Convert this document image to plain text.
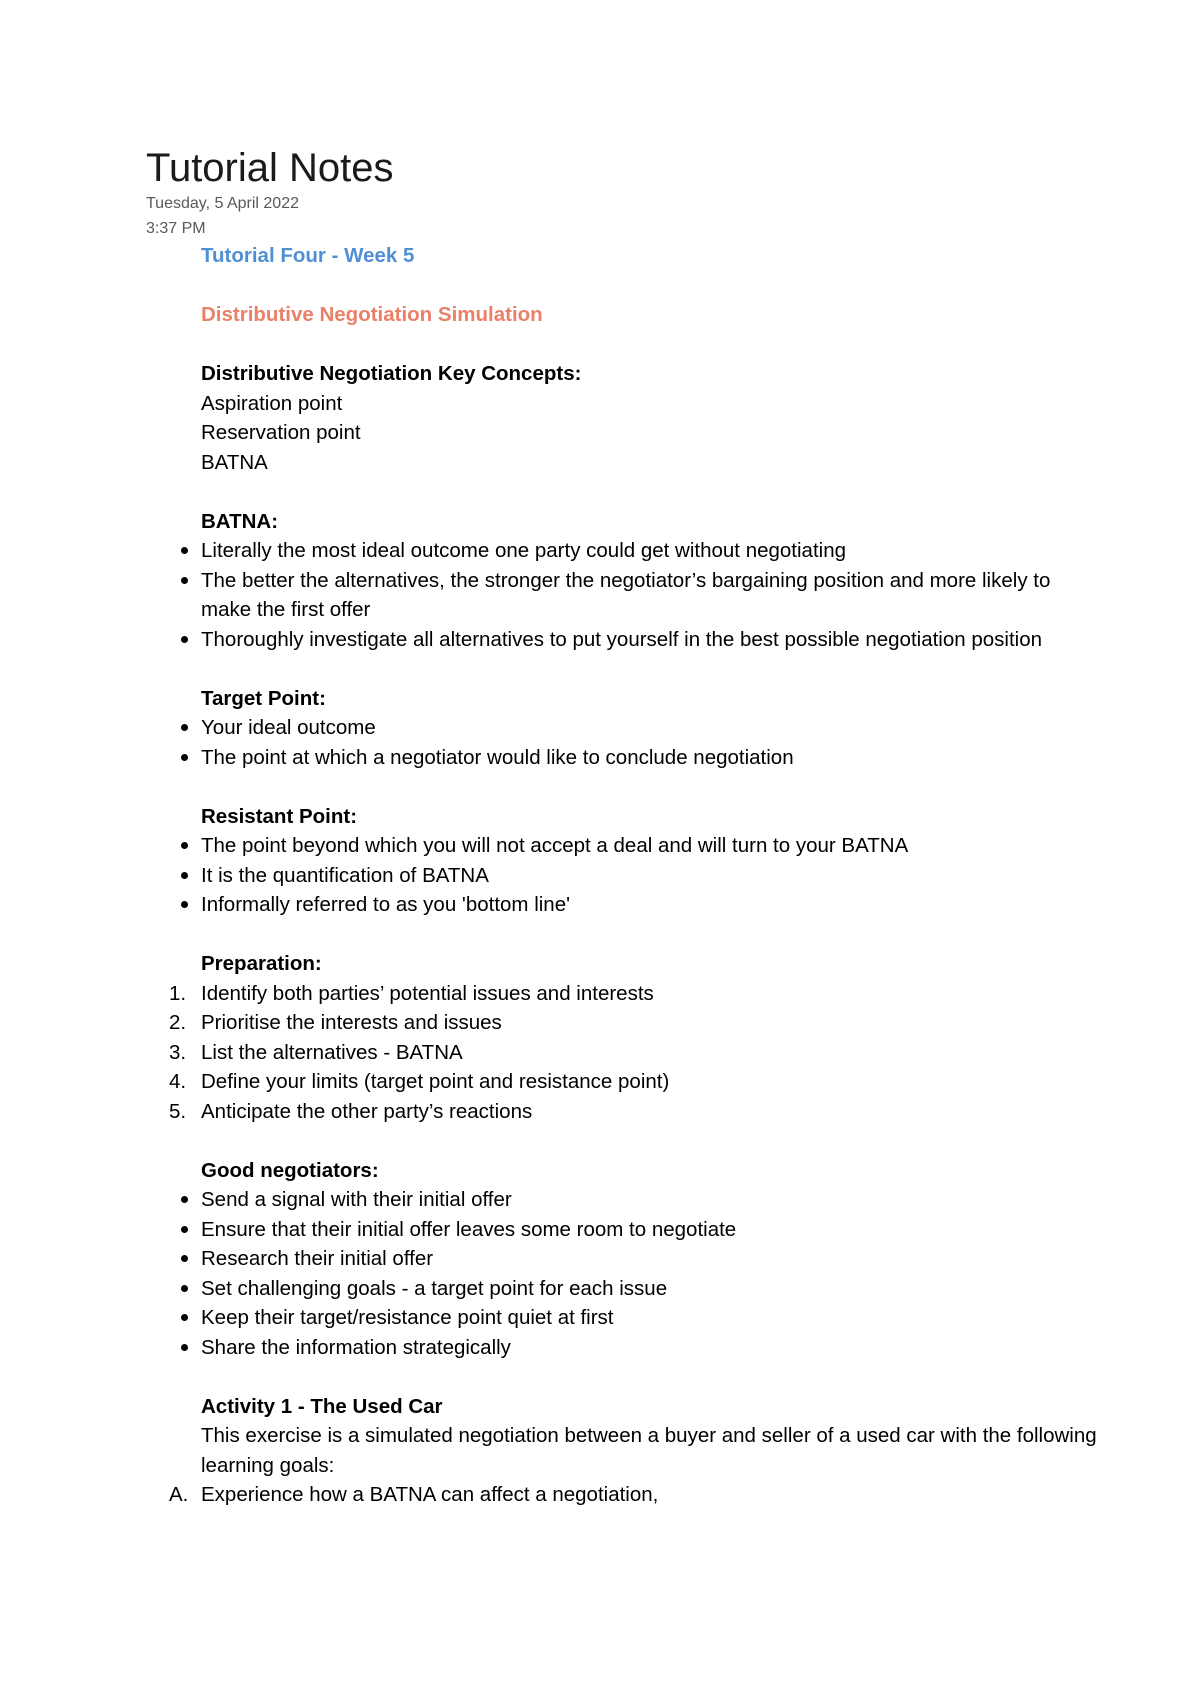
Tutorial Notes
Tuesday, 5 April 2022
3:37 PM

Tutorial Four - Week 5

Distributive Negotiation Simulation

Distributive Negotiation Key Concepts:

Aspiration point

Reservation point

BATNA

BATNA:

Literally the most ideal outcome one party could get without negotiating
The better the alternatives, the stronger the negotiator’s bargaining position and more likely to make the first offer
Thoroughly investigate all alternatives to put yourself in the best possible negotiation position

Target Point:

Your ideal outcome
The point at which a negotiator would like to conclude negotiation

Resistant Point:

The point beyond which you will not accept a deal and will turn to your BATNA
It is the quantification of BATNA
Informally referred to as you 'bottom line'

Preparation:

1. Identify both parties’ potential issues and interests
2. Prioritise the interests and issues
3. List the alternatives - BATNA
4. Define your limits (target point and resistance point)
5. Anticipate the other party’s reactions

Good negotiators:

Send a signal with their initial offer
Ensure that their initial offer leaves some room to negotiate
Research their initial offer
Set challenging goals - a target point for each issue
Keep their target/resistance point quiet at first
Share the information strategically

Activity 1 - The Used Car

This exercise is a simulated negotiation between a buyer and seller of a used car with the following learning goals:

A. Experience how a BATNA can affect a negotiation,
